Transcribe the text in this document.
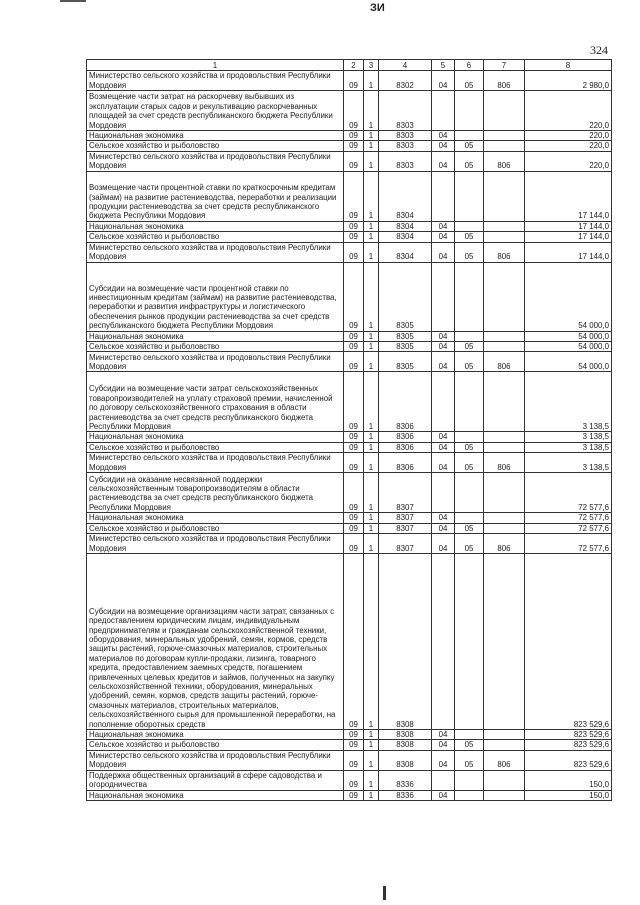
ЗИ
324
1	2	3	4	5	6	7	8
Министерство сельского хозяйства и продовольствия Республики Мордовия	09	1	8302	04	05	806	2 980,0
Возмещение части затрат на раскорчевку выбывших из эксплуатации старых садов и рекультивацию раскорчеванных площадей за счет средств республиканского бюджета Республики Мордовия	09	1	8303				220,0
Национальная экономика	09	1	8303	04			220,0
Сельское хозяйство и рыболовство	09	1	8303	04	05		220,0
Министерство сельского хозяйства и продовольствия Республики Мордовия	09	1	8303	04	05	806	220,0
Возмещение части процентной ставки по краткосрочным кредитам (займам) на развитие растениеводства, переработки и реализации продукции растениеводства за счет средств республиканского бюджета Республики Мордовия	09	1	8304				17 144,0
Национальная экономика	09	1	8304	04			17 144,0
Сельское хозяйство и рыболовство	09	1	8304	04	05		17 144,0
Министерство сельского хозяйства и продовольствия Республики Мордовия	09	1	8304	04	05	806	17 144,0
Субсидии на возмещение части процентной ставки по инвестиционным кредитам (займам) на развитие растениеводства, переработки и развития инфраструктуры и логистического обеспечения рынков продукции растениеводства за счет средств республиканского бюджета Республики Мордовия	09	1	8305				54 000,0
Национальная экономика	09	1	8305	04			54 000,0
Сельское хозяйство и рыболовство	09	1	8305	04	05		54 000,0
Министерство сельского хозяйства и продовольствия Республики Мордовия	09	1	8305	04	05	806	54 000,0
Субсидии на возмещение части затрат сельскохозяйственных товаропроизводителей на уплату страховой премии, начисленной по договору сельскохозяйственного страхования в области растениеводства за счет средств республиканского бюджета Республики Мордовия	09	1	8306				3 138,5
Национальная экономика	09	1	8306	04			3 138,5
Сельское хозяйство и рыболовство	09	1	8306	04	05		3 138,5
Министерство сельского хозяйства и продовольствия Республики Мордовия	09	1	8306	04	05	806	3 138,5
Субсидии на оказание несвязанной поддержки сельскохозяйственным товаропроизводителям в области растениеводства за счет средств республиканского бюджета Республики Мордовия	09	1	8307				72 577,6
Национальная экономика	09	1	8307	04			72 577,6
Сельское хозяйство и рыболовство	09	1	8307	04	05		72 577,6
Министерство сельского хозяйства и продовольствия Республики Мордовия	09	1	8307	04	05	806	72 577,6
Субсидии на возмещение организациям части затрат, связанных с предоставлением юридическим лицам, индивидуальным предпринимателям и гражданам сельскохозяйственной техники, оборудования, минеральных удобрений, семян, кормов, средств защиты растений, горюче-смазочных материалов, строительных материалов по договорам купли-продажи, лизинга, товарного кредита, предоставлением заемных средств, погашением привлеченных целевых кредитов и займов, полученных на закупку сельскохозяйственной техники, оборудования, минеральных удобрений, семян, кормов, средств защиты растений, горюче-смазочных материалов, строительных материалов, сельскохозяйственного сырья для промышленной переработки, на пополнение оборотных средств	09	1	8308				823 529,6
Национальная экономика	09	1	8308	04			823 529,6
Сельское хозяйство и рыболовство	09	1	8308	04	05		823 529,6
Министерство сельского хозяйства и продовольствия Республики Мордовия	09	1	8308	04	05	806	823 529,6
Поддержка общественных организаций в сфере садоводства и огородничества	09	1	8336				150,0
Национальная экономика	09	1	8336	04			150,0
